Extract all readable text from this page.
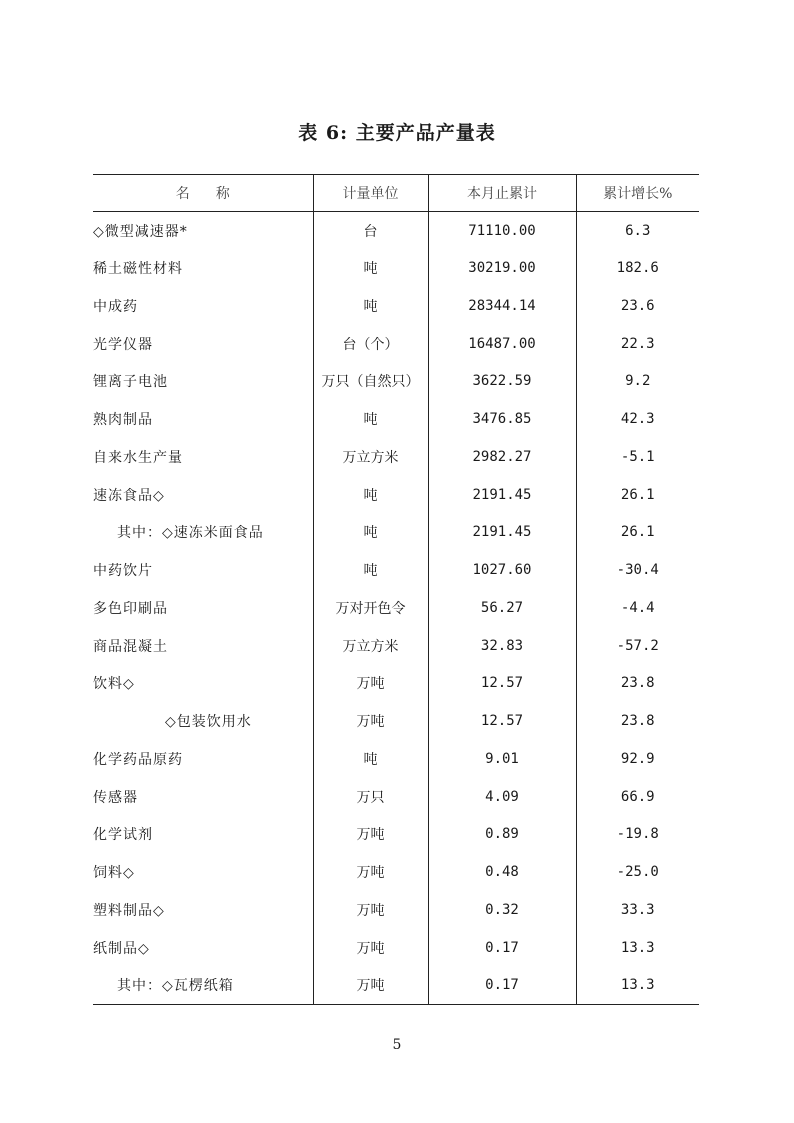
表 6: 主要产品产量表
名称	计量单位	本月止累计	累计增长%
◇微型减速器*	台	71110.00	6.3
稀土磁性材料	吨	30219.00	182.6
中成药	吨	28344.14	23.6
光学仪器	台（个）	16487.00	22.3
锂离子电池	万只（自然只）	3622.59	9.2
熟肉制品	吨	3476.85	42.3
自来水生产量	万立方米	2982.27	-5.1
速冻食品◇	吨	2191.45	26.1
其中：◇速冻米面食品	吨	2191.45	26.1
中药饮片	吨	1027.60	-30.4
多色印刷品	万对开色令	56.27	-4.4
商品混凝土	万立方米	32.83	-57.2
饮料◇	万吨	12.57	23.8
◇包装饮用水	万吨	12.57	23.8
化学药品原药	吨	9.01	92.9
传感器	万只	4.09	66.9
化学试剂	万吨	0.89	-19.8
饲料◇	万吨	0.48	-25.0
塑料制品◇	万吨	0.32	33.3
纸制品◇	万吨	0.17	13.3
其中：◇瓦楞纸箱	万吨	0.17	13.3
5
